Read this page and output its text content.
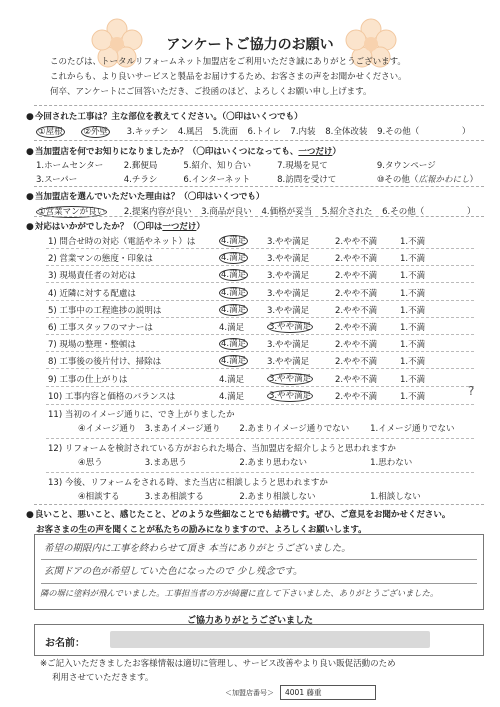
アンケートご協力のお願い
このたびは、トータルリフォームネット加盟店をご利用いただき誠にありがとうございます。
これからも、より良いサービスと製品をお届けするため、お客さまの声をお聞かせください。
何卒、アンケートにご回答いただき、ご投函のほど、よろしくお願い申し上げます。
●今回された工事は？主な部位を教えてください。（〇印はいくつでも）
①屋根 ②外壁 3.キッチン 4.風呂 5.洗面 6.トイレ 7.内装 8.全体改装 9.その他（	）
●当加盟店を何でお知りになりましたか？（〇印はいくつになっても、一つだけ）
1.ホームセンター 2.郵便局	5.紹介、知り合い	7.現場を見て	9.タウンページ
3.スーパー	4.チラシ	6.インターネット	8.訪問を受けて	⑩その他（広報かわにし）
●当加盟店を選んでいただいた理由は？（〇印はいくつでも）
①営業マンが良い 2.提案内容が良い 3.商品が良い 4.価格が妥当 5.紹介された 6.その他（	）
●対応はいかがでしたか？（〇印は一つだけ）
1) 問合せ時の対応（電話やネット）は	4.満足 3.やや満足	2.やや不満	1.不満
2) 営業マンの態度・印象は	4.満足 3.やや満足	2.やや不満	1.不満
3) 現場責任者の対応は	4.満足 3.やや満足	2.やや不満	1.不満
4) 近隣に対する配慮は	4.満足 3.やや満足	2.やや不満	1.不満
5) 工事中の工程進捗の説明は	4.満足 3.やや満足	2.やや不満	1.不満
6) 工事スタッフのマナーは	4.満足	3.やや満足	2.やや不満	1.不満
7) 現場の整理・整頓は	4.満足 3.やや満足	2.やや不満	1.不満
8) 工事後の後片付け、掃除は	4.満足 3.やや満足	2.やや不満	1.不満
9) 工事の仕上がりは	4.満足	3.やや満足	2.やや不満	1.不満
10) 工事内容と価格のバランスは	4.満足	3.やや満足	2.やや不満	1.不満	?
11) 当初のイメージ通りに、でき上がりましたか
④イメージ通り 3.まあイメージ通り 2.あまりイメージ通りでない 1.イメージ通りでない
12) リフォームを検討されている方がおられた場合、当加盟店を紹介しようと思われますか
④思う	3.まあ思う	2.あまり思わない	1.思わない
13) 今後、リフォームをされる時、また当店に相談しようと思われますか
④相談する	3.まあ相談する	2.あまり相談しない	1.相談しない
●良いこと、悪いこと、感じたこと、どのような些細なことでも結構です。ぜひ、ご意見をお聞かせください。
お客さまの生の声を聞くことが私たちの励みになりますので、よろしくお願いします。
希望の期限内に工事を終わらせて頂き 本当にありがとうございました。
玄関ドアの色が希望していた色になったので 少し残念です。
隣の塀に塗料が飛んでいました。工事担当者の方が綺麗に直して下さいました、ありがとうございました。
ご協力ありがとうございました
お名前：
※ご記入いただきましたお客様情報は適切に管理し、サービス改善やより良い販促活動のため
利用させていただきます。
＜加盟店番号＞	4001 藤重
